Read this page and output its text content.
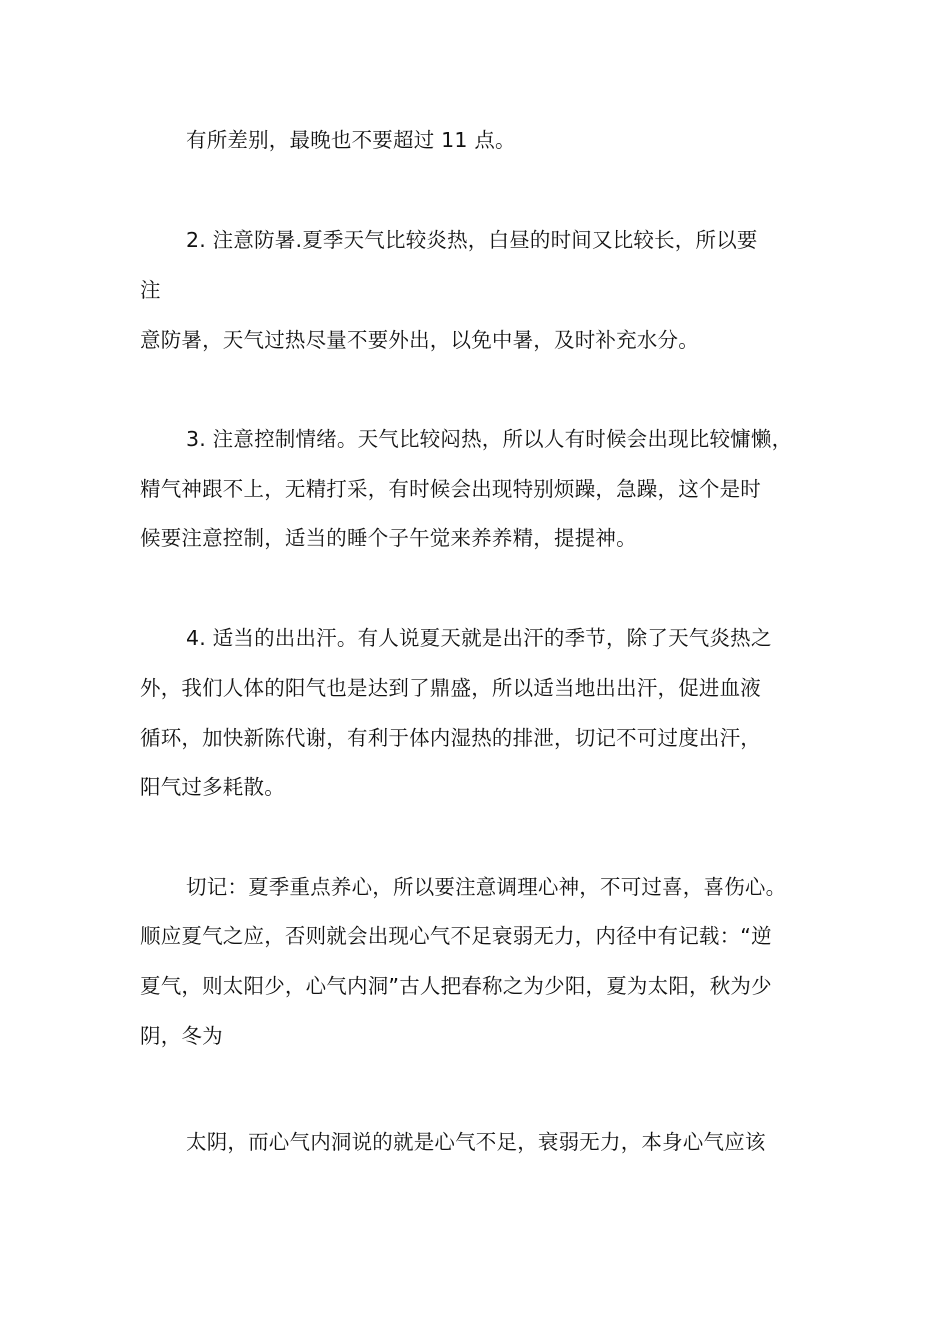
有所差别，最晚也不要超过 11 点。
2. 注意防暑.夏季天气比较炎热，白昼的时间又比较长，所以要
注
意防暑，天气过热尽量不要外出，以免中暑，及时补充水分。
3. 注意控制情绪。天气比较闷热，所以人有时候会出现比较慵懒，
精气神跟不上，无精打采，有时候会出现特别烦躁，急躁，这个是时
候要注意控制，适当的睡个子午觉来养养精，提提神。
4. 适当的出出汗。有人说夏天就是出汗的季节，除了天气炎热之
外，我们人体的阳气也是达到了鼎盛，所以适当地出出汗，促进血液
循环，加快新陈代谢，有利于体内湿热的排泄，切记不可过度出汗，
阳气过多耗散。
切记：夏季重点养心，所以要注意调理心神，不可过喜，喜伤心。
顺应夏气之应，否则就会出现心气不足衰弱无力，内径中有记载：“逆
夏气，则太阳少，心气内洞”古人把春称之为少阳，夏为太阳，秋为少
阴，冬为
太阴，而心气内洞说的就是心气不足，衰弱无力，本身心气应该
